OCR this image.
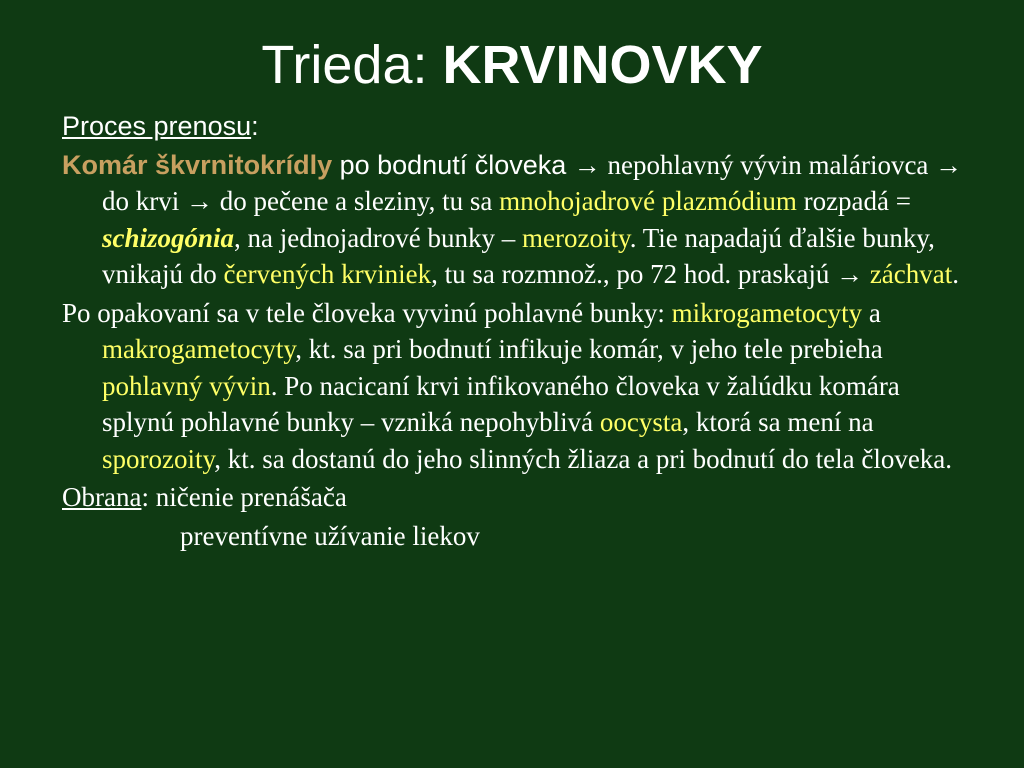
Trieda: KRVINOVKY

Proces prenosu:

Komár škvrnitokrídly po bodnutí človeka → nepohlavný vývin maláriovca → do krvi → do pečene a sleziny, tu sa mnohojadrové plazmódium rozpadá = schizogónia, na jednojadrové bunky – merozoity. Tie napadajú ďalšie bunky, vnikajú do červených krviniek, tu sa rozmnož., po 72 hod. praskajú → záchvat.

Po opakovaní sa v tele človeka vyvinú pohlavné bunky: mikrogametocyty a makrogametocyty, kt. sa pri bodnutí infikuje komár, v jeho tele prebieha pohlavný vývin. Po nacicaní krvi infikovaného človeka v žalúdku komára splynú pohlavné bunky – vzniká nepohyblivá oocysta, ktorá sa mení na sporozoity, kt. sa dostanú do jeho slinných žliaza a pri bodnutí do tela človeka.

Obrana: ničenie prenášača

preventívne užívanie liekov
